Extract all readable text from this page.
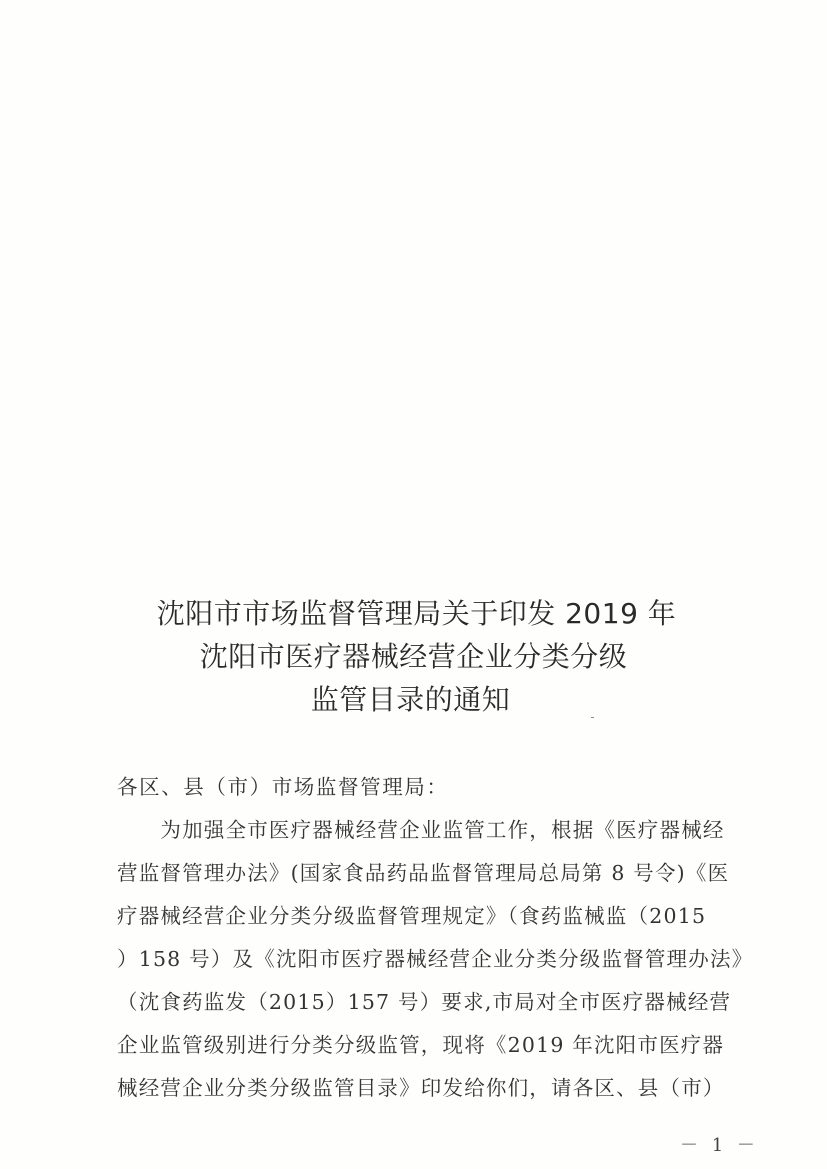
沈阳市市场监督管理局关于印发 2019 年
沈阳市医疗器械经营企业分类分级
监管目录的通知
各区、县（市）市场监督管理局：
　　为加强全市医疗器械经营企业监管工作，根据《医疗器械经
营监督管理办法》(国家食品药品监督管理局总局第 8 号令)《医
疗器械经营企业分类分级监督管理规定》（食药监械监（2015
）158 号）及《沈阳市医疗器械经营企业分类分级监督管理办法》
（沈食药监发（2015）157 号）要求,市局对全市医疗器械经营
企业监管级别进行分类分级监管，现将《2019 年沈阳市医疗器
械经营企业分类分级监管目录》印发给你们，请各区、县（市）
－ 1 －
